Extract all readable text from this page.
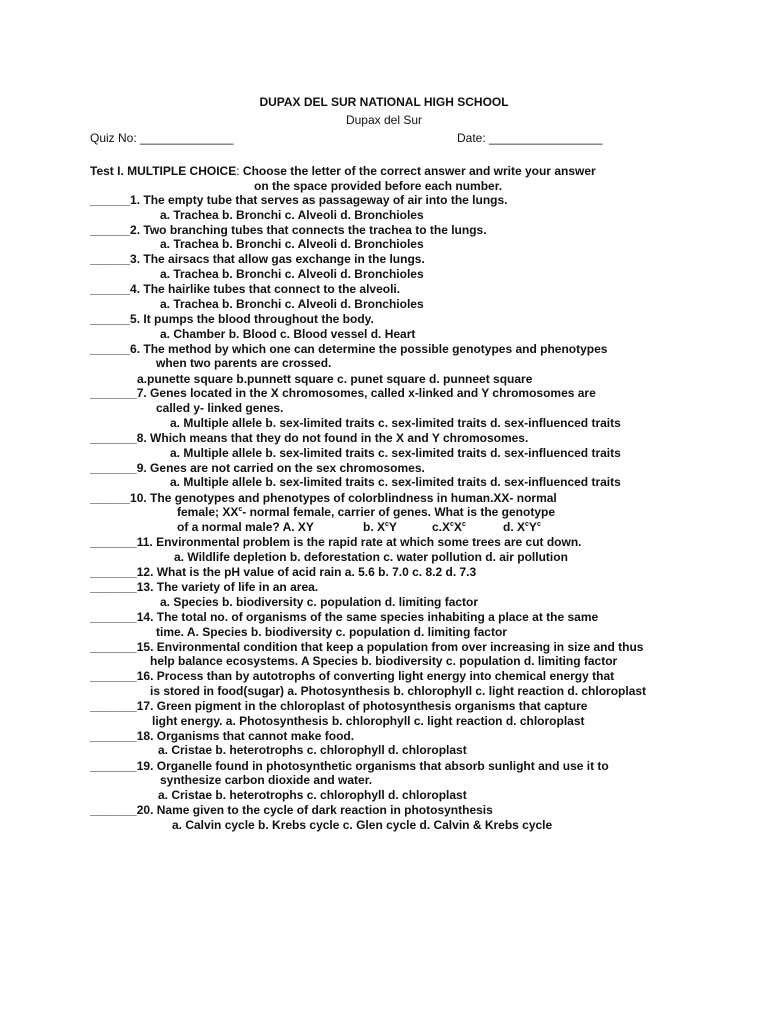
DUPAX DEL SUR NATIONAL HIGH SCHOOL
Dupax del Sur
Quiz No: ______________	Date: _________________
Test I. MULTIPLE CHOICE: Choose the letter of the correct answer and write your answer
on the space provided before each number.
______1. The empty tube that serves as passageway of air into the lungs.
a. Trachea b. Bronchi c. Alveoli d. Bronchioles
______2. Two branching tubes that connects the trachea to the lungs.
a. Trachea b. Bronchi c. Alveoli d. Bronchioles
______3. The airsacs that allow gas exchange in the lungs.
a. Trachea b. Bronchi c. Alveoli d. Bronchioles
______4. The hairlike tubes that connect to the alveoli.
a. Trachea b. Bronchi c. Alveoli d. Bronchioles
______5. It pumps the blood throughout the body.
a. Chamber b. Blood c. Blood vessel d. Heart
______6. The method by which one can determine the possible genotypes and phenotypes
when two parents are crossed.
a.punette square b.punnett square c. punet square d. punneet square
_______7. Genes located in the X chromosomes, called x-linked and Y chromosomes are
called y- linked genes.
a. Multiple allele b. sex-limited traits c. sex-limited traits d. sex-influenced traits
_______8. Which means that they do not found in the X and Y chromosomes.
a. Multiple allele b. sex-limited traits c. sex-limited traits d. sex-influenced traits
_______9. Genes are not carried on the sex chromosomes.
a. Multiple allele b. sex-limited traits c. sex-limited traits d. sex-influenced traits
______10. The genotypes and phenotypes of colorblindness in human.XX- normal
female; $XX^c-$ normal female, carrier of genes. What is the genotype
of a normal male? A. XY	b. $X^cY$	$c.X^cX^c$	d. $X^cY^c$
_______11. Environmental problem is the rapid rate at which some trees are cut down.
a. Wildlife depletion b. deforestation c. water pollution d. air pollution
_______12. What is the pH value of acid rain a. 5.6 b. 7.0 c. 8.2 d. 7.3
_______13. The variety of life in an area.
a. Species b. biodiversity c. population d. limiting factor
_______14. The total no. of organisms of the same species inhabiting a place at the same
time. A. Species b. biodiversity c. population d. limiting factor
_______15. Environmental condition that keep a population from over increasing in size and thus
help balance ecosystems. A Species b. biodiversity c. population d. limiting factor
_______16. Process than by autotrophs of converting light energy into chemical energy that
is stored in food(sugar) a. Photosynthesis b. chlorophyll c. light reaction d. chloroplast
_______17. Green pigment in the chloroplast of photosynthesis organisms that capture
light energy. a. Photosynthesis b. chlorophyll c. light reaction d. chloroplast
_______18. Organisms that cannot make food.
a. Cristae b. heterotrophs c. chlorophyll d. chloroplast
_______19. Organelle found in photosynthetic organisms that absorb sunlight and use it to
synthesize carbon dioxide and water.
a. Cristae b. heterotrophs c. chlorophyll d. chloroplast
_______20. Name given to the cycle of dark reaction in photosynthesis
a. Calvin cycle b. Krebs cycle c. Glen cycle d. Calvin & Krebs cycle
